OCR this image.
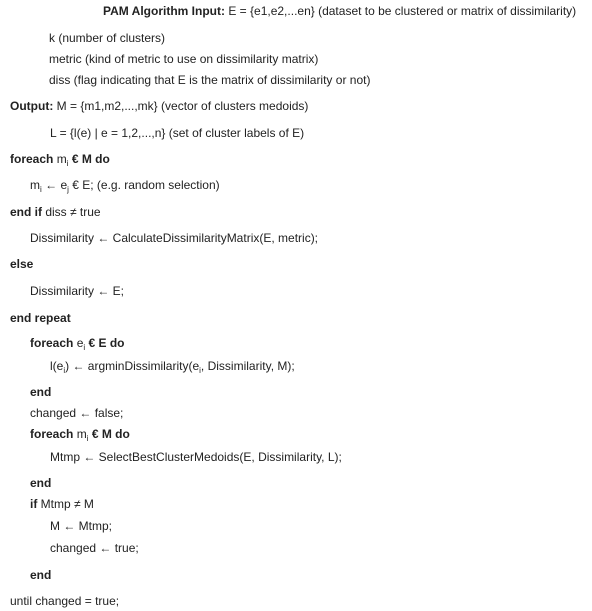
PAM Algorithm Input: E = {e1,e2,...en} (dataset to be clustered or matrix of dissimilarity)
k (number of clusters)
metric (kind of metric to use on dissimilarity matrix)
diss (flag indicating that E is the matrix of dissimilarity or not)
Output: M = {m1,m2,...,mk} (vector of clusters medoids)
L = {l(e) | e = 1,2,...,n} (set of cluster labels of E)
foreach $m_i$ € M do
$m_i$ ← $e_j$ € E; (e.g. random selection)
end if diss ≠ true
Dissimilarity ← CalculateDissimilarityMatrix(E, metric);
else
Dissimilarity ← E;
end repeat
foreach $e_i$ € E do
$l(e_i)$ ← $argminDissimilarity(e_i$, Dissimilarity, M);
end
changed ← false;
foreach $m_i$ € M do
Mtmp ← SelectBestClusterMedoids(E, Dissimilarity, L);
end
if Mtmp ≠ M
M ← Mtmp;
changed ← true;
end
until changed = true;
